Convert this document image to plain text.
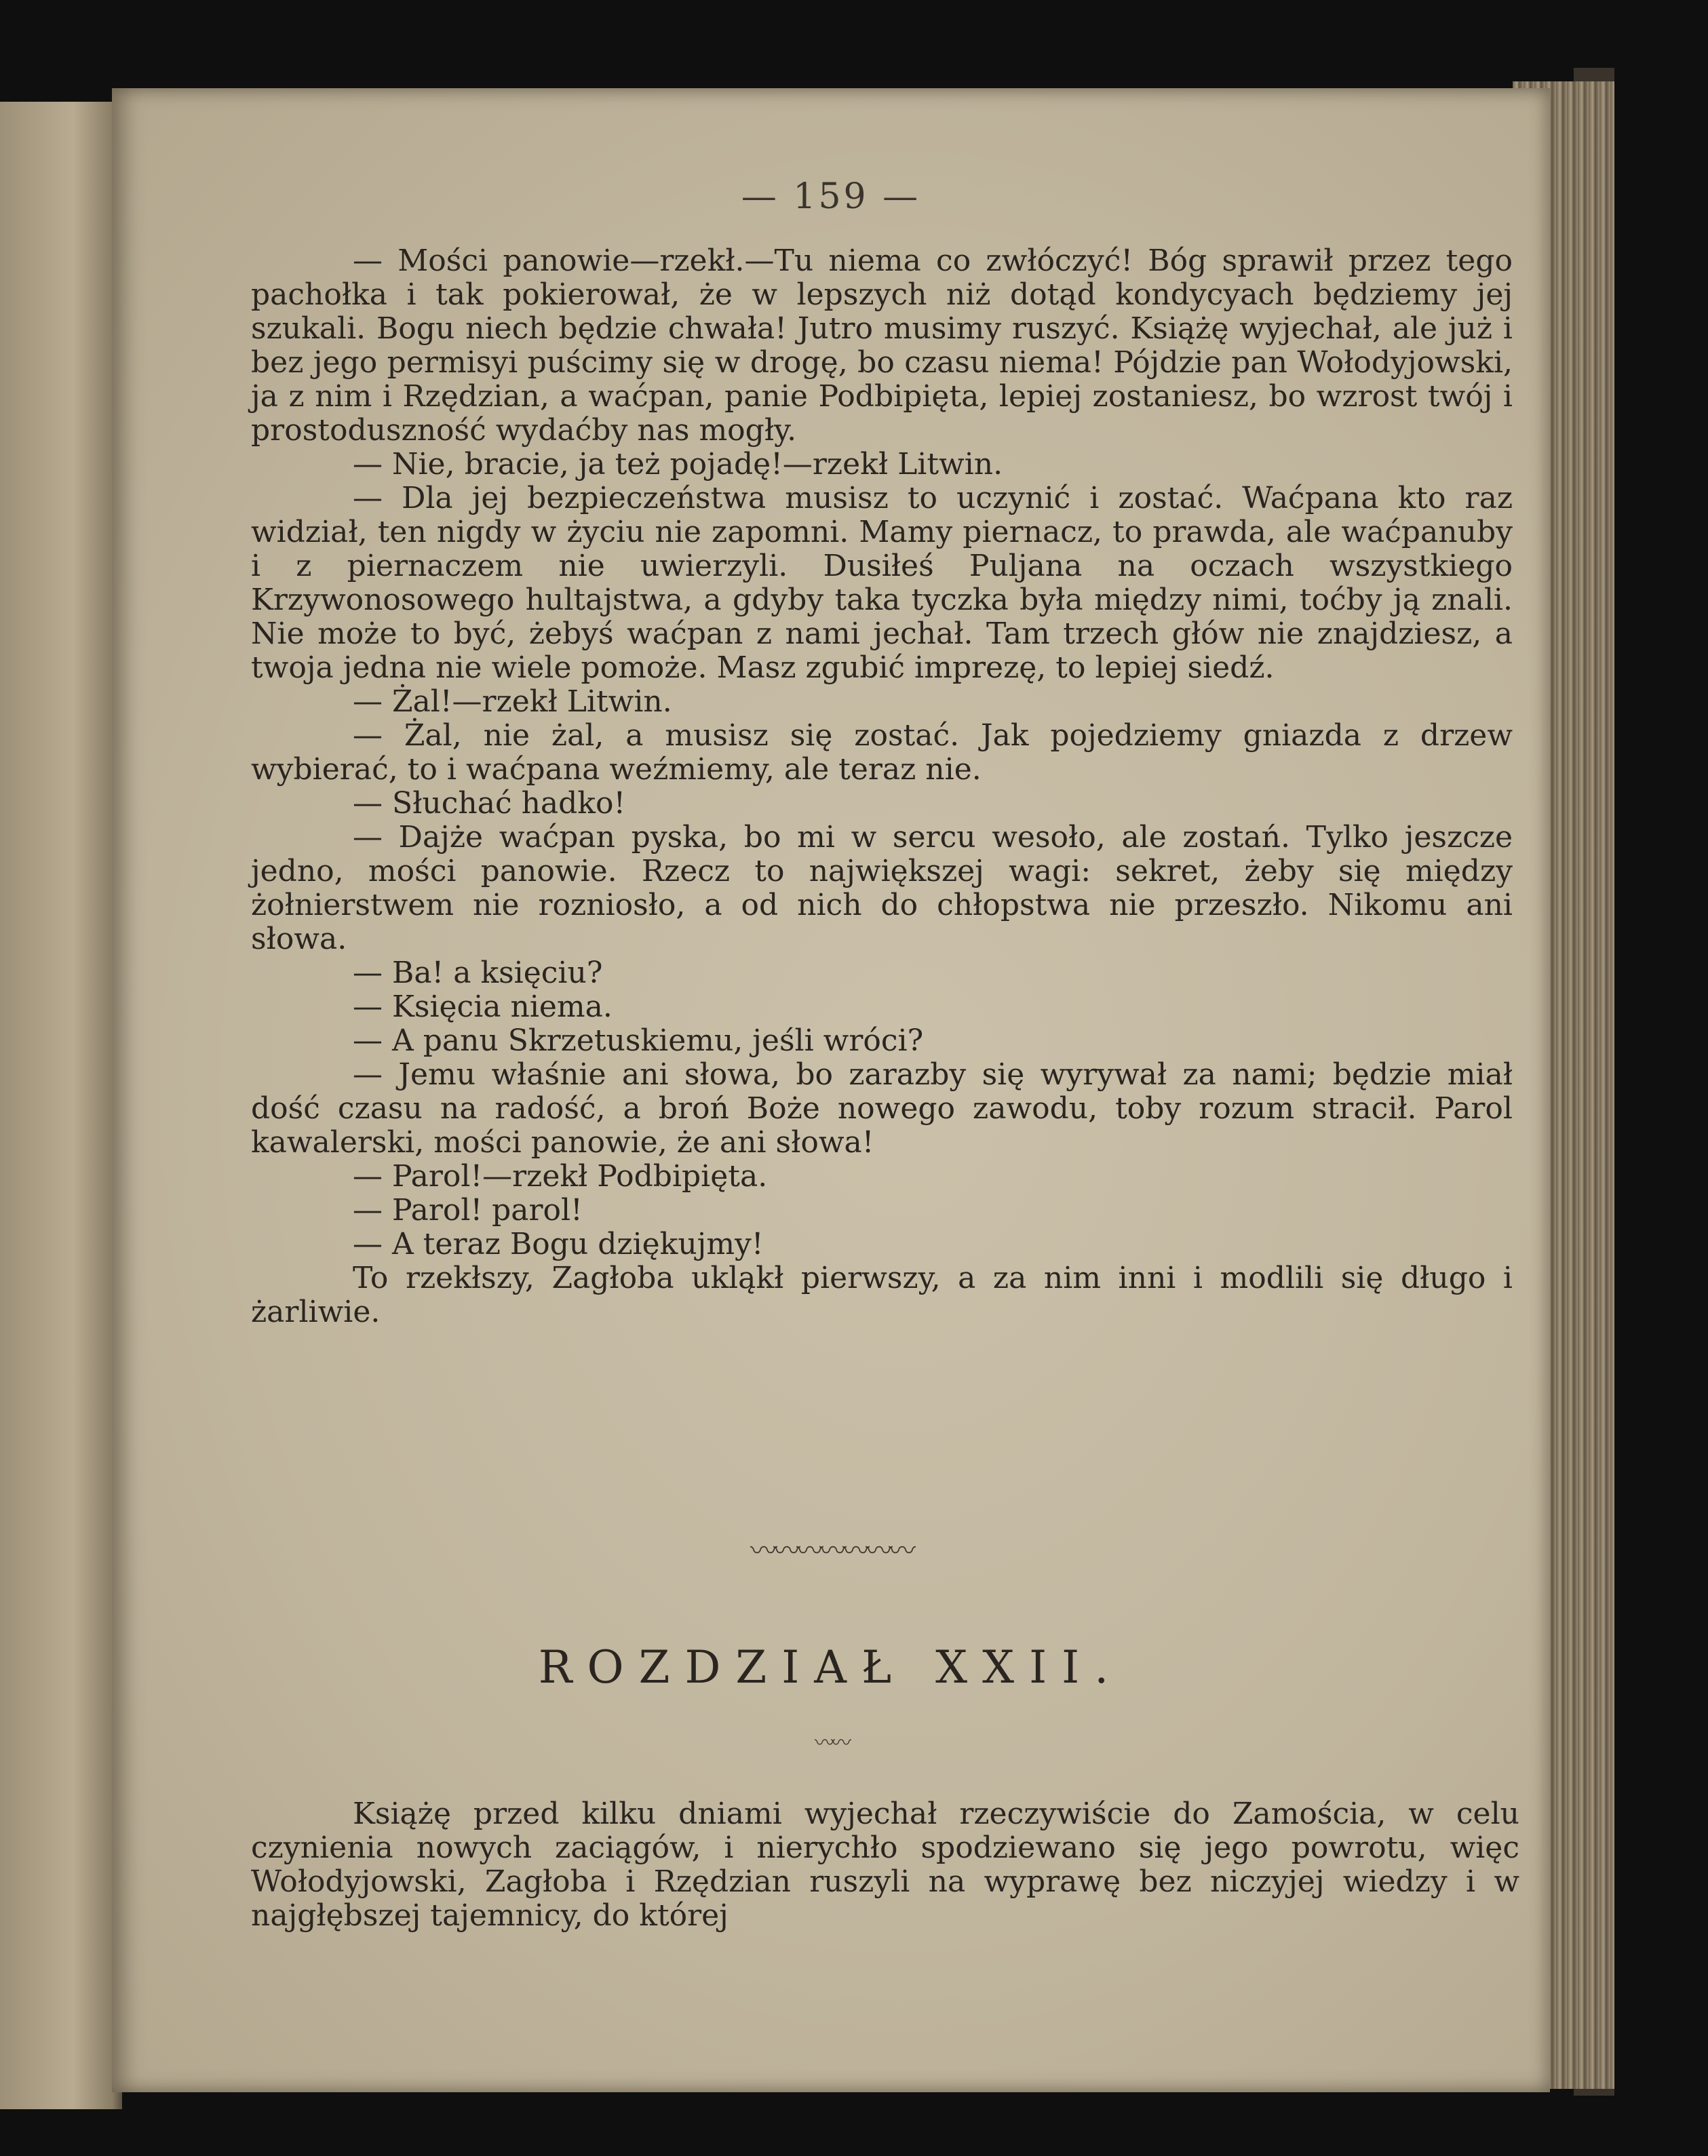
— 159 —

— Mości panowie—rzekł.—Tu niema co zwłóczyć! Bóg sprawił przez tego pachołka i tak pokierował, że w lepszych niż dotąd kondycyach będziemy jej szukali. Bogu niech będzie chwała! Jutro musimy ruszyć. Książę wyjechał, ale już i bez jego permisyi puścimy się w drogę, bo czasu niema! Pójdzie pan Wołodyjowski, ja z nim i Rzędzian, a waćpan, panie Podbipięta, lepiej zostaniesz, bo wzrost twój i prostoduszność wydaćby nas mogły.

— Nie, bracie, ja też pojadę!—rzekł Litwin.

— Dla jej bezpieczeństwa musisz to uczynić i zostać. Waćpana kto raz widział, ten nigdy w życiu nie zapomni. Mamy piernacz, to prawda, ale waćpanuby i z piernaczem nie uwierzyli. Dusiłeś Puljana na oczach wszystkiego Krzywonosowego hultajstwa, a gdyby taka tyczka była między nimi, toćby ją znali. Nie może to być, żebyś waćpan z nami jechał. Tam trzech głów nie znajdziesz, a twoja jedna nie wiele pomoże. Masz zgubić imprezę, to lepiej siedź.

— Żal!—rzekł Litwin.

— Żal, nie żal, a musisz się zostać. Jak pojedziemy gniazda z drzew wybierać, to i waćpana weźmiemy, ale teraz nie.

— Słuchać hadko!

— Dajże waćpan pyska, bo mi w sercu wesoło, ale zostań. Tylko jeszcze jedno, mości panowie. Rzecz to największej wagi: sekret, żeby się między żołnierstwem nie rozniosło, a od nich do chłopstwa nie przeszło. Nikomu ani słowa.

— Ba! a księciu?

— Księcia niema.

— A panu Skrzetuskiemu, jeśli wróci?

— Jemu właśnie ani słowa, bo zarazby się wyrywał za nami; będzie miał dość czasu na radość, a broń Boże nowego zawodu, toby rozum stracił. Parol kawalerski, mości panowie, że ani słowa!

— Parol!—rzekł Podbipięta.

— Parol! parol!

— A teraz Bogu dziękujmy!

To rzekłszy, Zagłoba ukląkł pierwszy, a za nim inni i modlili się długo i żarliwie.

〰〰〰〰〰〰〰
ROZDZIAŁ XXII.
〰〰

Książę przed kilku dniami wyjechał rzeczywiście do Zamościa, w celu czynienia nowych zaciągów, i nierychło spodziewano się jego powrotu, więc Wołodyjowski, Zagłoba i Rzędzian ruszyli na wyprawę bez niczyjej wiedzy i w najgłębszej tajemnicy, do której
